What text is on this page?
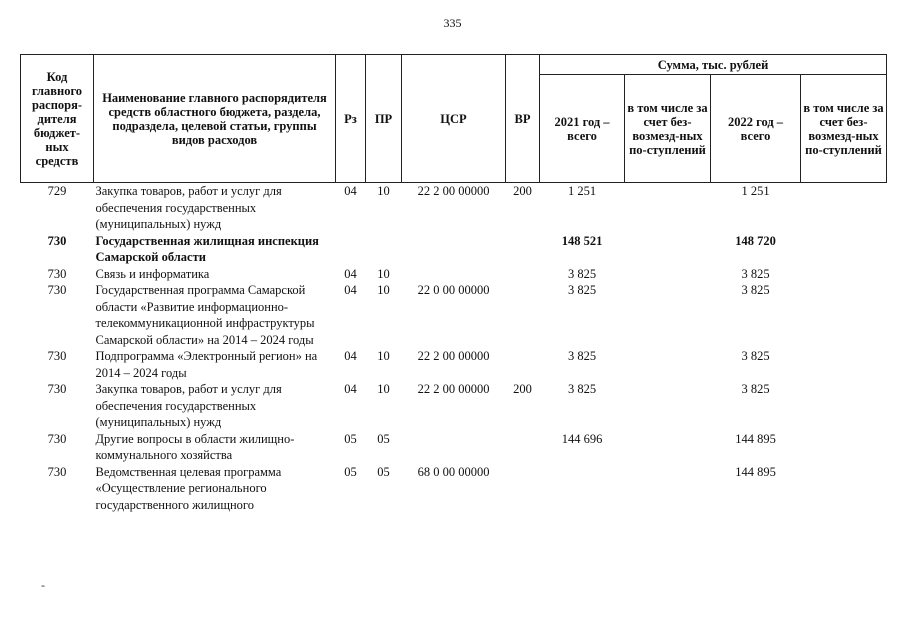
335
Код главного распоря-дителя бюджет-ных средств	Наименование главного распорядителя средств областного бюджета, раздела, подраздела, целевой статьи, группы видов расходов	Рз	ПР	ЦСР	ВР	Сумма, тыс. рублей			
						2021 год – всего	в том числе за счет без-возмезд-ных по-ступлений	2022 год – всего	в том числе за счет без-возмезд-ных по-ступлений
729	Закупка товаров, работ и услуг для обеспечения государственных (муниципальных) нужд	04	10	22 2 00 00000	200	1 251		1 251	
730	Государственная жилищная инспекция Самарской области					148 521		148 720	
730	Связь и информатика	04	10			3 825		3 825	
730	Государственная программа Самарской области «Развитие информационно-телекоммуникационной инфраструктуры Самарской области» на 2014 – 2024 годы	04	10	22 0 00 00000		3 825		3 825	
730	Подпрограмма «Электронный регион» на 2014 – 2024 годы	04	10	22 2 00 00000		3 825		3 825	
730	Закупка товаров, работ и услуг для обеспечения государственных (муниципальных) нужд	04	10	22 2 00 00000	200	3 825		3 825	
730	Другие вопросы в области жилищно-коммунального хозяйства	05	05			144 696		144 895	
730	Ведомственная целевая программа «Осуществление регионального государственного жилищного	05	05	68 0 00 00000				144 895	
-
